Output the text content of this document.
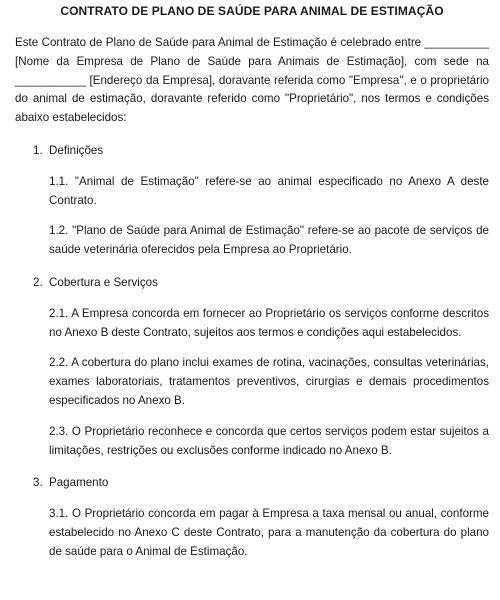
CONTRATO DE PLANO DE SAÚDE PARA ANIMAL DE ESTIMAÇÃO

Este Contrato de Plano de Saúde para Animal de Estimação é celebrado entre __________ [Nome da Empresa de Plano de Saúde para Animais de Estimação], com sede na ___________ [Endereço da Empresa], doravante referida como "Empresa", e o proprietário do animal de estimação, doravante referido como "Proprietário", nos termos e condições abaixo estabelecidos:

1. Definições

1.1. "Animal de Estimação" refere-se ao animal especificado no Anexo A deste Contrato.

1.2. "Plano de Saúde para Animal de Estimação" refere-se ao pacote de serviços de saúde veterinária oferecidos pela Empresa ao Proprietário.

2. Cobertura e Serviços

2.1. A Empresa concorda em fornecer ao Proprietário os serviços conforme descritos no Anexo B deste Contrato, sujeitos aos termos e condições aqui estabelecidos.

2.2. A cobertura do plano inclui exames de rotina, vacinações, consultas veterinárias, exames laboratoriais, tratamentos preventivos, cirurgias e demais procedimentos especificados no Anexo B.

2.3. O Proprietário reconhece e concorda que certos serviços podem estar sujeitos a limitações, restrições ou exclusões conforme indicado no Anexo B.

3. Pagamento

3.1. O Proprietário concorda em pagar à Empresa a taxa mensal ou anual, conforme estabelecido no Anexo C deste Contrato, para a manutenção da cobertura do plano de saúde para o Animal de Estimação.
